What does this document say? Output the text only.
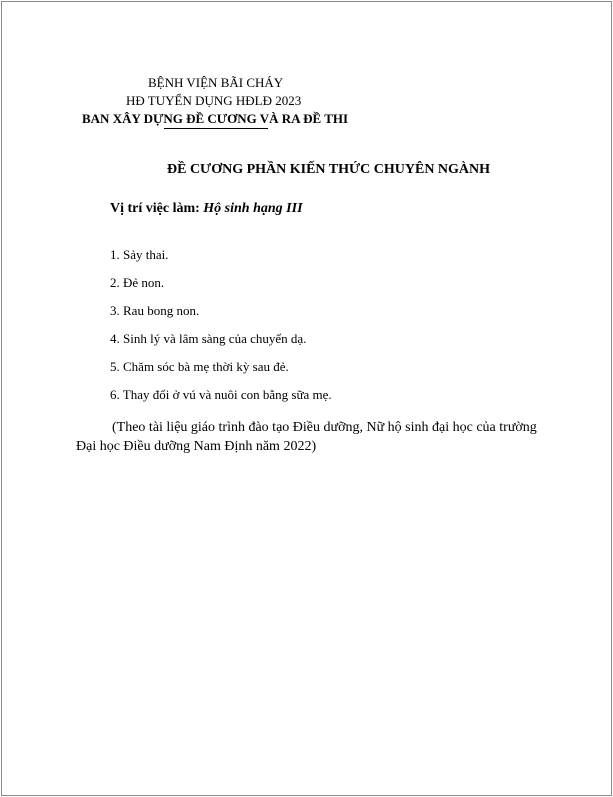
BỆNH VIỆN BÃI CHÁY
HĐ TUYỂN DỤNG HĐLĐ 2023
BAN XÂY DỰNG ĐỀ CƯƠNG VÀ RA ĐỀ THI
ĐỀ CƯƠNG PHẦN KIẾN THỨC CHUYÊN NGÀNH
Vị trí việc làm: Hộ sinh hạng III
1. Sảy thai.
2. Đẻ non.
3. Rau bong non.
4. Sinh lý và lâm sàng của chuyển dạ.
5. Chăm sóc bà mẹ thời kỳ sau đẻ.
6. Thay đổi ở vú và nuôi con bằng sữa mẹ.
(Theo tài liệu giáo trình đào tạo Điều dưỡng, Nữ hộ sinh đại học của trường
Đại học Điều dưỡng Nam Định năm 2022)
